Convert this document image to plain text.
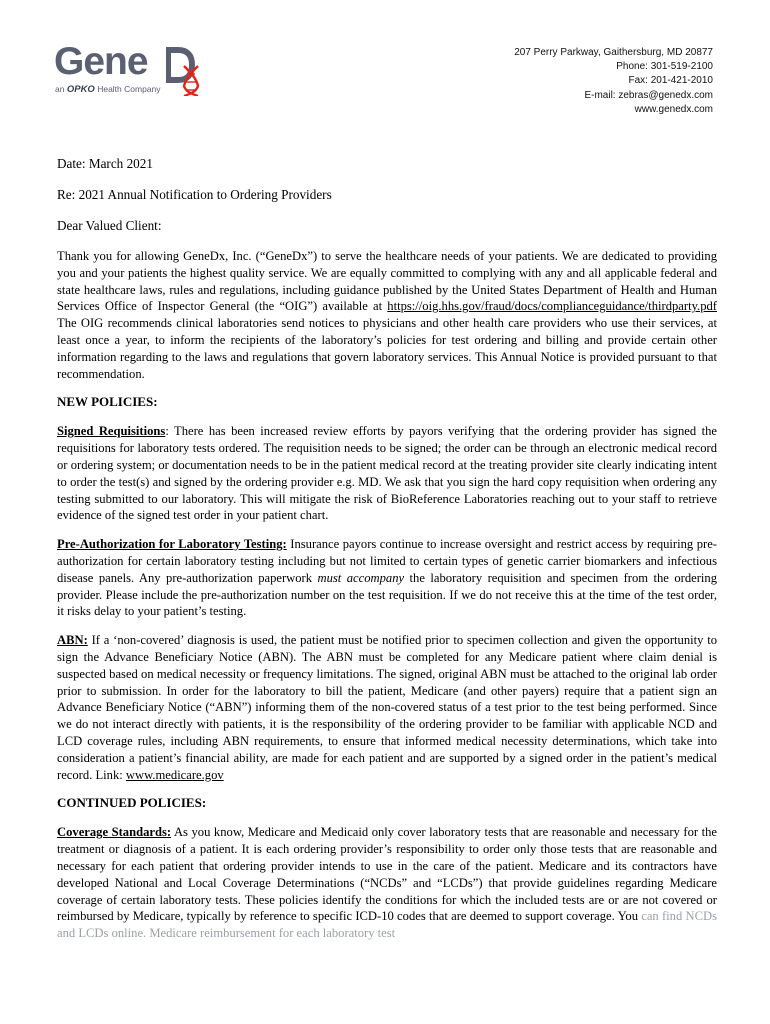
Gene
an OPKO Health Company
207 Perry Parkway, Gaithersburg, MD 20877
Phone: 301-519-2100
Fax: 201-421-2010
E-mail: zebras@genedx.com
www.genedx.com
Date: March 2021
Re: 2021 Annual Notification to Ordering Providers
Dear Valued Client:

Thank you for allowing GeneDx, Inc. (“GeneDx”) to serve the healthcare needs of your patients. We are dedicated to providing you and your patients the highest quality service. We are equally committed to complying with any and all applicable federal and state healthcare laws, rules and regulations, including guidance published by the United States Department of Health and Human Services Office of Inspector General (the “OIG”) available at https://oig.hhs.gov/fraud/docs/complianceguidance/thirdparty.pdf The OIG recommends clinical laboratories send notices to physicians and other health care providers who use their services, at least once a year, to inform the recipients of the laboratory’s policies for test ordering and billing and provide certain other information regarding to the laws and regulations that govern laboratory services. This Annual Notice is provided pursuant to that recommendation.

NEW POLICIES:

Signed Requisitions: There has been increased review efforts by payors verifying that the ordering provider has signed the requisitions for laboratory tests ordered. The requisition needs to be signed; the order can be through an electronic medical record or ordering system; or documentation needs to be in the patient medical record at the treating provider site clearly indicating intent to order the test(s) and signed by the ordering provider e.g. MD. We ask that you sign the hard copy requisition when ordering any testing submitted to our laboratory. This will mitigate the risk of BioReference Laboratories reaching out to your staff to retrieve evidence of the signed test order in your patient chart.

Pre-Authorization for Laboratory Testing: Insurance payors continue to increase oversight and restrict access by requiring pre-authorization for certain laboratory testing including but not limited to certain types of genetic carrier biomarkers and infectious disease panels. Any pre-authorization paperwork must accompany the laboratory requisition and specimen from the ordering provider. Please include the pre-authorization number on the test requisition. If we do not receive this at the time of the test order, it risks delay to your patient’s testing.

ABN: If a ‘non-covered’ diagnosis is used, the patient must be notified prior to specimen collection and given the opportunity to sign the Advance Beneficiary Notice (ABN). The ABN must be completed for any Medicare patient where claim denial is suspected based on medical necessity or frequency limitations. The signed, original ABN must be attached to the original lab order prior to submission. In order for the laboratory to bill the patient, Medicare (and other payers) require that a patient sign an Advance Beneficiary Notice (“ABN”) informing them of the non-covered status of a test prior to the test being performed. Since we do not interact directly with patients, it is the responsibility of the ordering provider to be familiar with applicable NCD and LCD coverage rules, including ABN requirements, to ensure that informed medical necessity determinations, which take into consideration a patient’s financial ability, are made for each patient and are supported by a signed order in the patient’s medical record. Link: www.medicare.gov

CONTINUED POLICIES:

Coverage Standards: As you know, Medicare and Medicaid only cover laboratory tests that are reasonable and necessary for the treatment or diagnosis of a patient. It is each ordering provider’s responsibility to order only those tests that are reasonable and necessary for each patient that ordering provider intends to use in the care of the patient. Medicare and its contractors have developed National and Local Coverage Determinations (“NCDs” and “LCDs”) that provide guidelines regarding Medicare coverage of certain laboratory tests. These policies identify the conditions for which the included tests are or are not covered or reimbursed by Medicare, typically by reference to specific ICD-10 codes that are deemed to support coverage. You can find NCDs and LCDs online. Medicare reimbursement for each laboratory test
